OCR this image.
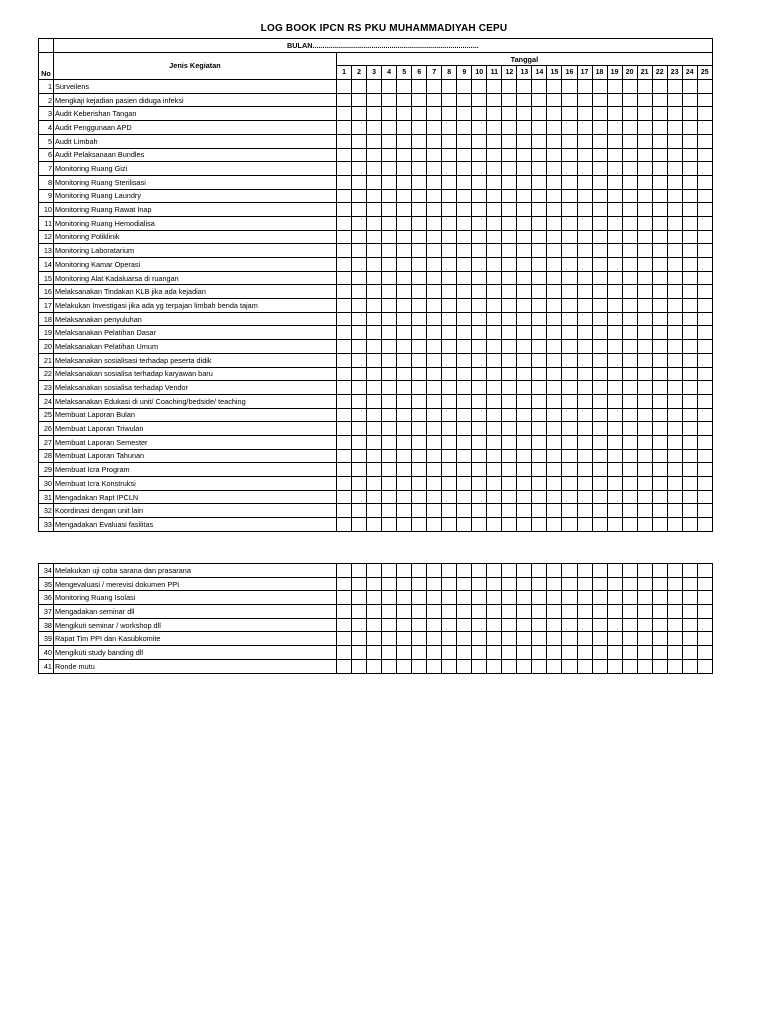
LOG BOOK IPCN RS PKU MUHAMMADIYAH CEPU
	BULAN..................................................................................																									
No	Jenis Kegiatan	Tanggal																								
		1	2	3	4	5	6	7	8	9	10	11	12	13	14	15	16	17	18	19	20	21	22	23	24	25
1	Surveilens																									
2	Mengkaji kejadian pasien diduga infeksi																									
3	Audit Keberishan Tangan																									
4	Audit Penggunaan APD																									
5	Audit Limbah																									
6	Audit Pelaksanaan Bundles																									
7	Monitoring Ruang Gizi																									
8	Monitoring Ruang Sterilisasi																									
9	Monitoring Ruang Laundry																									
10	Monitoring Ruang Rawat Inap																									
11	Monitoring Ruang Hemodialisa																									
12	Monitoring Poliklinik																									
13	Monitoring Laboratarium																									
14	Monitoring Kamar Operasi																									
15	Monitoring Alat Kadaluarsa di ruangan																									
16	Melaksanakan Tindakan KLB jika ada kejadian																									
17	Melakukan Investigasi jika ada yg terpajan limbah benda tajam																									
18	Melaksanakan penyuluhan																									
19	Melaksanakan Pelatihan Dasar																									
20	Melaksanakan Pelatihan Umum																									
21	Melaksanakan sosialisasi terhadap peserta didik																									
22	Melaksanakan sosialisa terhadap karyawan baru																									
23	Melaksanakan sosialisa terhadap Vendor																									
24	Melaksanakan Edukasi di unit/ Coaching/bedside/ teaching																									
25	Membuat Laporan Bulan																									
26	Membuat Laporan Triwulan																									
27	Membuat Laporan Semester																									
28	Membuat Laporan Tahunan																									
29	Membuat Icra Program																									
30	Membuat Icra Konstruksi																									
31	Mengadakan Rapt IPCLN																									
32	Koordinasi dengan unit lain																									
33	Mengadakan Evaluasi fasilitas																									
34	Melakukan uji coba sarana dan prasarana																									
35	Mengevaluasi / merevisi dokumen PPI																									
36	Monitoring Ruang Isolasi																									
37	Mengadakan seminar dll																									
38	Mengikuti seminar / workshop dll																									
39	Rapat Tim PPI dan Kasubkomite																									
40	Mengikuti study banding dll																									
41	Ronde mutu																									
